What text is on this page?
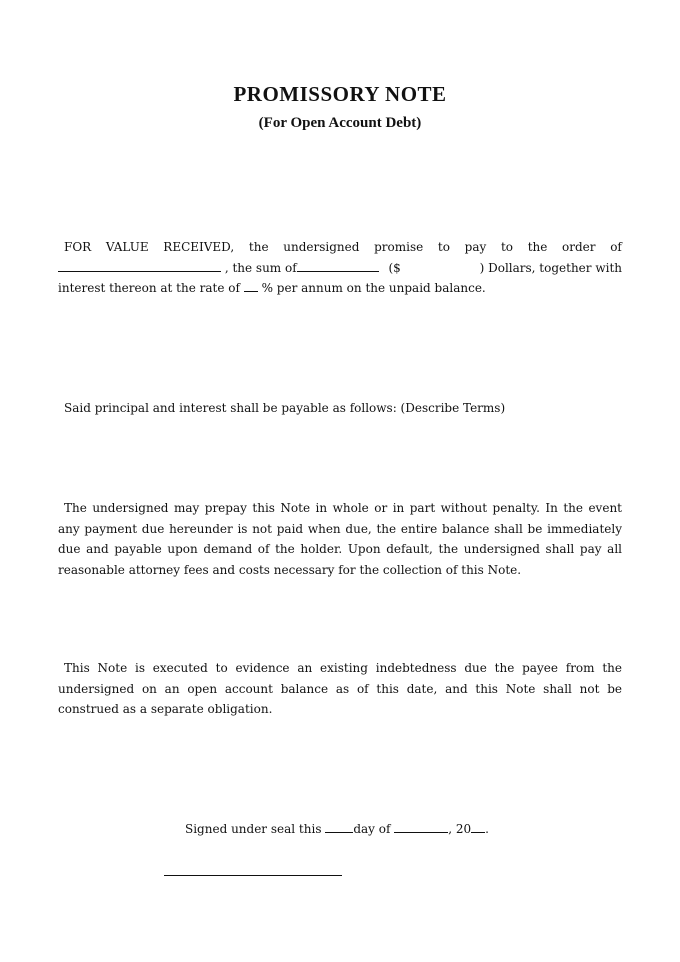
PROMISSORY NOTE
(For Open Account Debt)
FOR VALUE RECEIVED, the undersigned promise to pay to the order of
, the sum of	($	) Dollars, together with
interest thereon at the rate of % per annum on the unpaid balance.

Said principal and interest shall be payable as follows: (Describe Terms)

The undersigned may prepay this Note in whole or in part without penalty. In the event any payment due hereunder is not paid when due, the entire balance shall be immediately due and payable upon demand of the holder. Upon default, the undersigned shall pay all reasonable attorney fees and costs necessary for the collection of this Note.

This Note is executed to evidence an existing indebtedness due the payee from the undersigned on an open account balance as of this date, and this Note shall not be construed as a separate obligation.

Signed under seal this	day of	, 20 .
